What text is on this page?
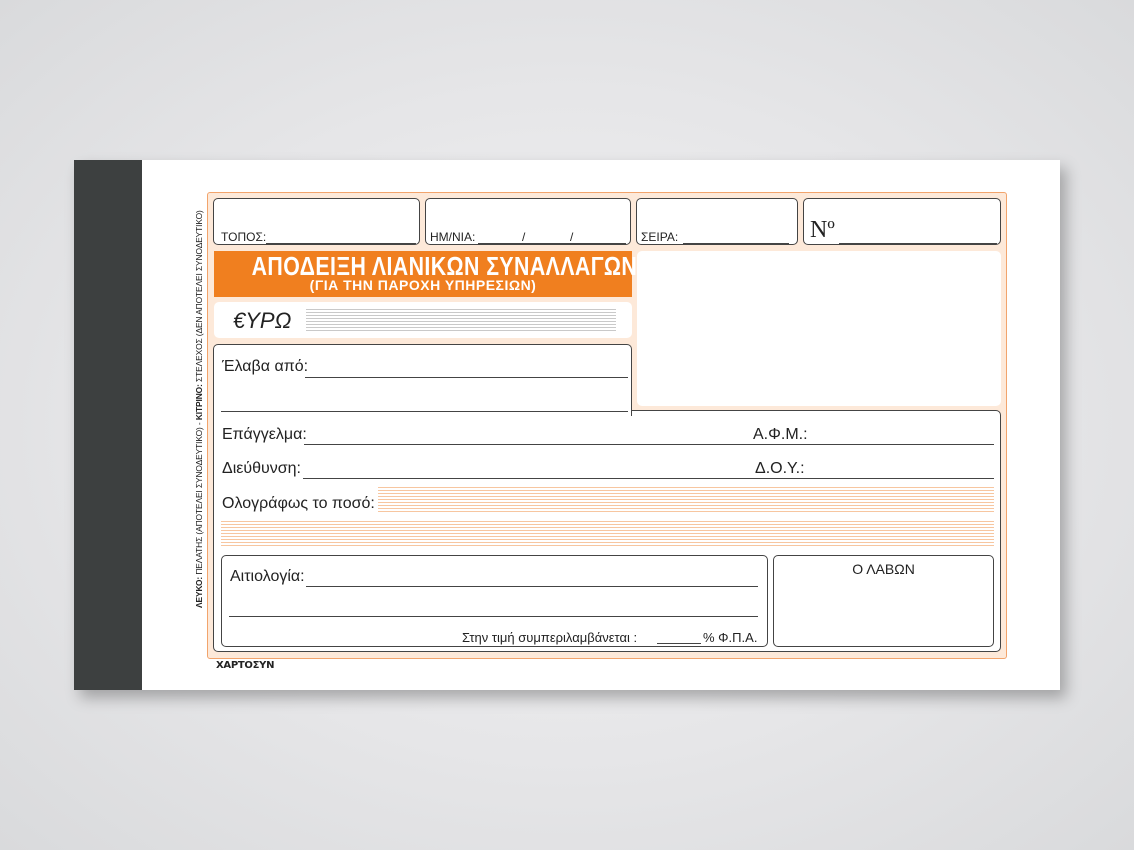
ΛΕΥΚΟ: ΠΕΛΑΤΗΣ (ΑΠΟΤΕΛΕΙ ΣΥΝΟΔΕΥΤΙΚΟ) - ΚΙΤΡΙΝΟ: ΣΤΕΛΕΧΟΣ (ΔΕΝ ΑΠΟΤΕΛΕΙ ΣΥΝΟΔΕΥΤΙΚΟ) ΤΟΠΟΣ:	ΗΜ/ΝΙΑ:	/	/	ΣΕΙΡΑ:	Nº
ΑΠΟΔΕΙΞΗ ΛΙΑΝΙΚΩΝ ΣΥΝΑΛΛΑΓΩΝ
(ΓΙΑ ΤΗΝ ΠΑΡΟΧΗ ΥΠΗΡΕΣΙΩΝ)
€ΥΡΩ
Έλαβα από:
Επάγγελμα:	Α.Φ.Μ.:
Διεύθυνση:	Δ.Ο.Υ.:
Ολογράφως το ποσό:
Αιτιολογία:
Στην τιμή συμπεριλαμβάνεται :	% Φ.Π.Α.
Ο ΛΑΒΩΝ
ΧΑΡΤΟΣΥΝ
